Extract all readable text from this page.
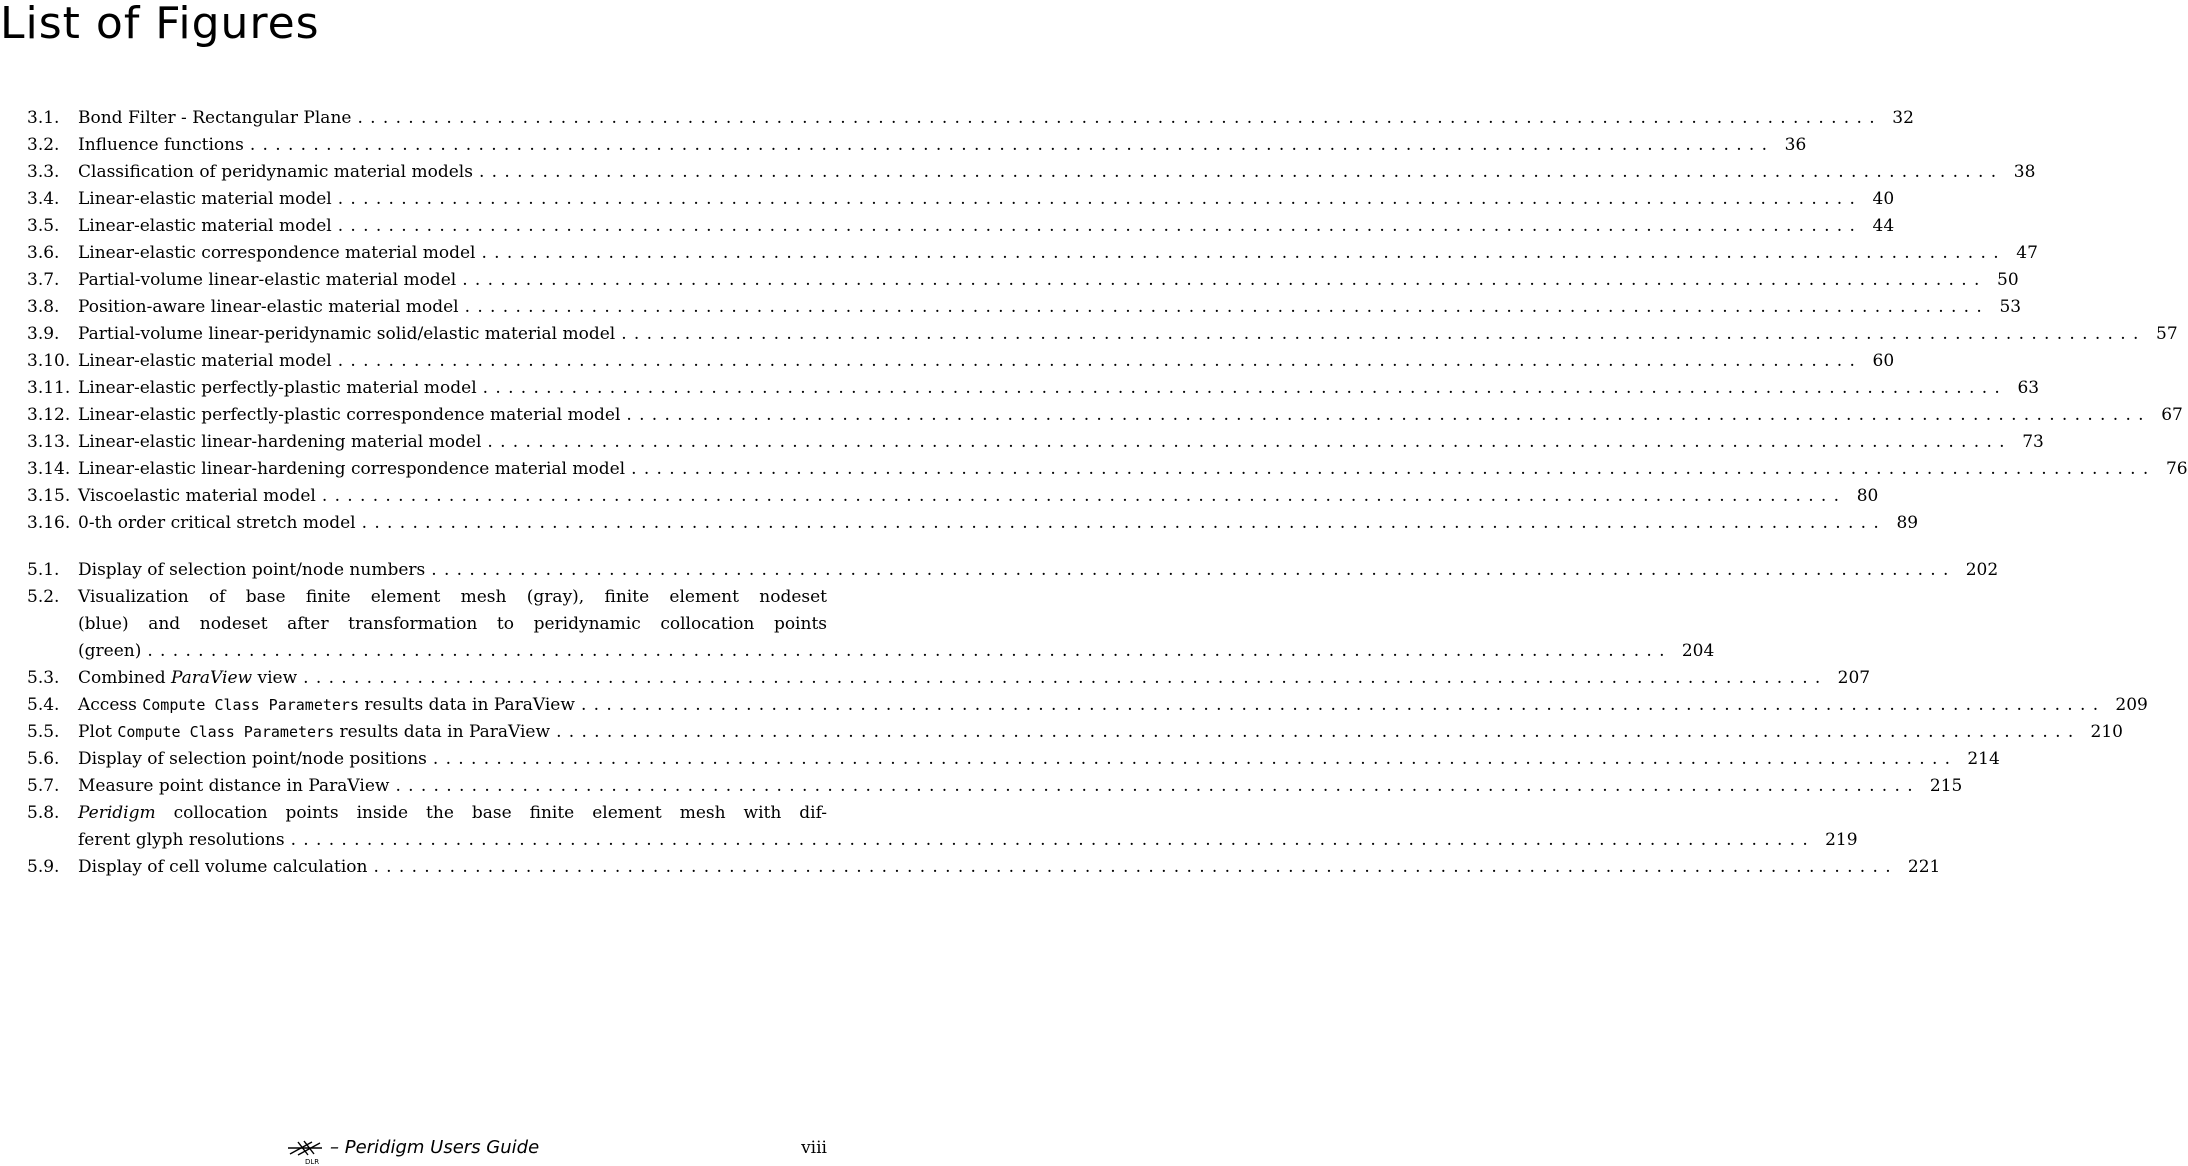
List of Figures
3.1.	Bond Filter - Rectangular Plane ........................................................................................................................ 32
3.2.	Influence functions ........................................................................................................................ 36
3.3.	Classification of peridynamic material models ........................................................................................................................ 38
3.4.	Linear-elastic material model ........................................................................................................................ 40
3.5.	Linear-elastic material model ........................................................................................................................ 44
3.6.	Linear-elastic correspondence material model ........................................................................................................................ 47
3.7.	Partial-volume linear-elastic material model ........................................................................................................................ 50
3.8.	Position-aware linear-elastic material model ........................................................................................................................ 53
3.9.	Partial-volume linear-peridynamic solid/elastic material model ........................................................................................................................ 57
3.10. Linear-elastic material model ........................................................................................................................ 60
3.11. Linear-elastic perfectly-plastic material model ........................................................................................................................ 63
3.12. Linear-elastic perfectly-plastic correspondence material model ........................................................................................................................ 67
3.13. Linear-elastic linear-hardening material model ........................................................................................................................ 73
3.14. Linear-elastic linear-hardening correspondence material model ........................................................................................................................ 76
3.15. Viscoelastic material model ........................................................................................................................ 80
3.16. 0-th order critical stretch model ........................................................................................................................ 89
5.1.	Display of selection point/node numbers ........................................................................................................................ 202
5.2.	Visualization of base finite element mesh (gray), finite element nodeset
(blue) and nodeset after transformation to peridynamic collocation points
(green) ........................................................................................................................ 204
5.3.	Combined ParaView view ........................................................................................................................ 207
5.4.	Access Compute Class Parameters results data in ParaView ........................................................................................................................ 209
5.5.	Plot Compute Class Parameters results data in ParaView ........................................................................................................................ 210
5.6.	Display of selection point/node positions ........................................................................................................................ 214
5.7.	Measure point distance in ParaView ........................................................................................................................ 215
5.8.	Peridigm collocation points inside the base finite element mesh with dif-
ferent glyph resolutions ........................................................................................................................ 219
5.9.	Display of cell volume calculation ........................................................................................................................ 221
DLR
– Peridigm Users Guide	viii
